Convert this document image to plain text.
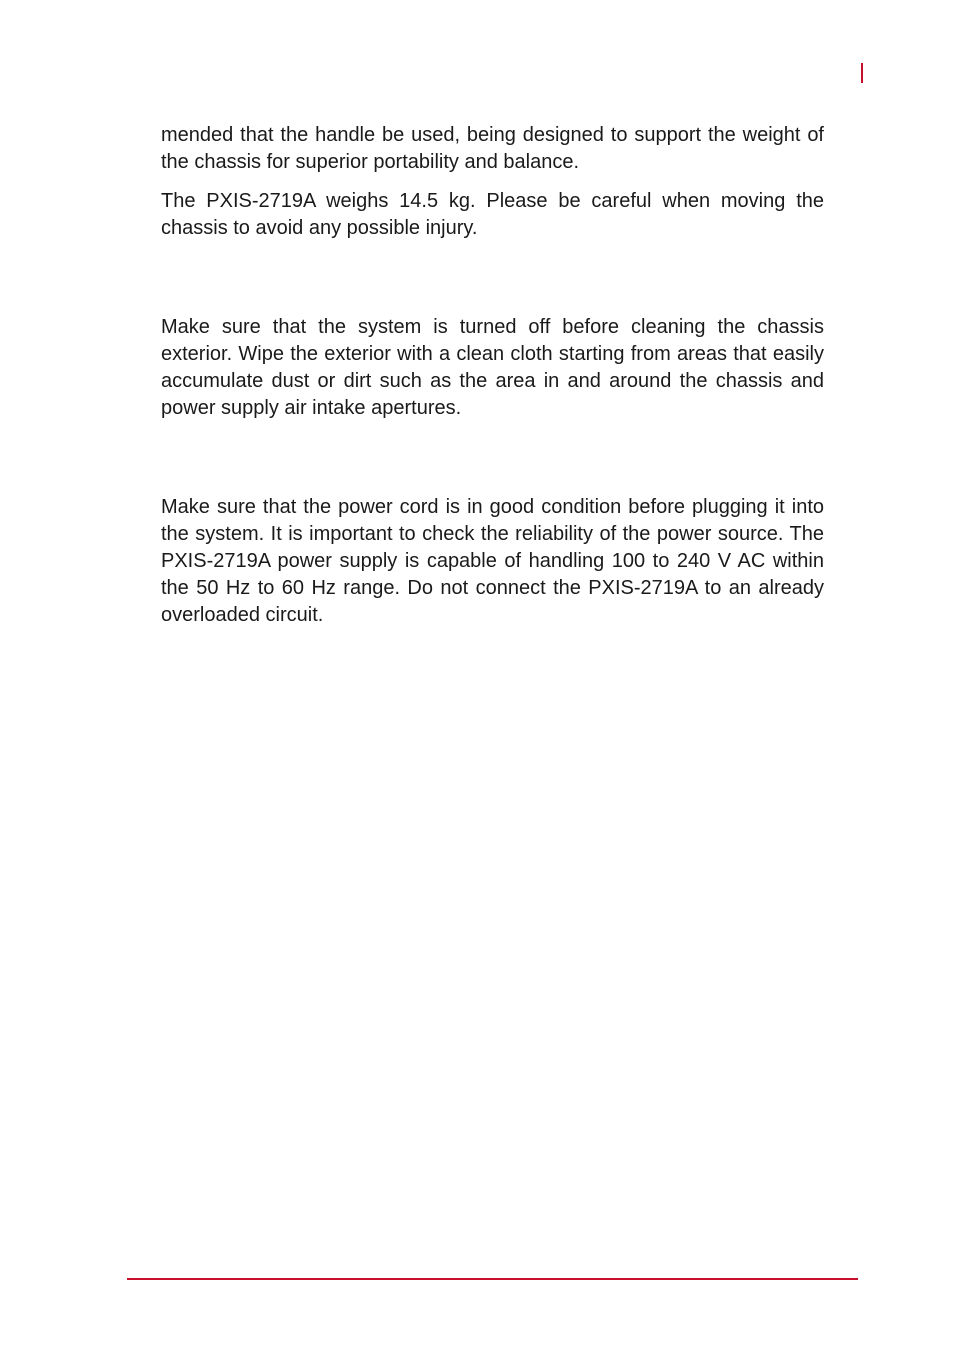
mended that the handle be used, being designed to support the weight of the chassis for superior portability and balance.

The PXIS-2719A weighs 14.5 kg. Please be careful when moving the chassis to avoid any possible injury.

Make sure that the system is turned off before cleaning the chassis exterior. Wipe the exterior with a clean cloth starting from areas that easily accumulate dust or dirt such as the area in and around the chassis and power supply air intake apertures.

Make sure that the power cord is in good condition before plugging it into the system. It is important to check the reliability of the power source. The PXIS-2719A power supply is capable of handling 100 to 240 V AC within the 50 Hz to 60 Hz range. Do not connect the PXIS-2719A to an already overloaded circuit.
